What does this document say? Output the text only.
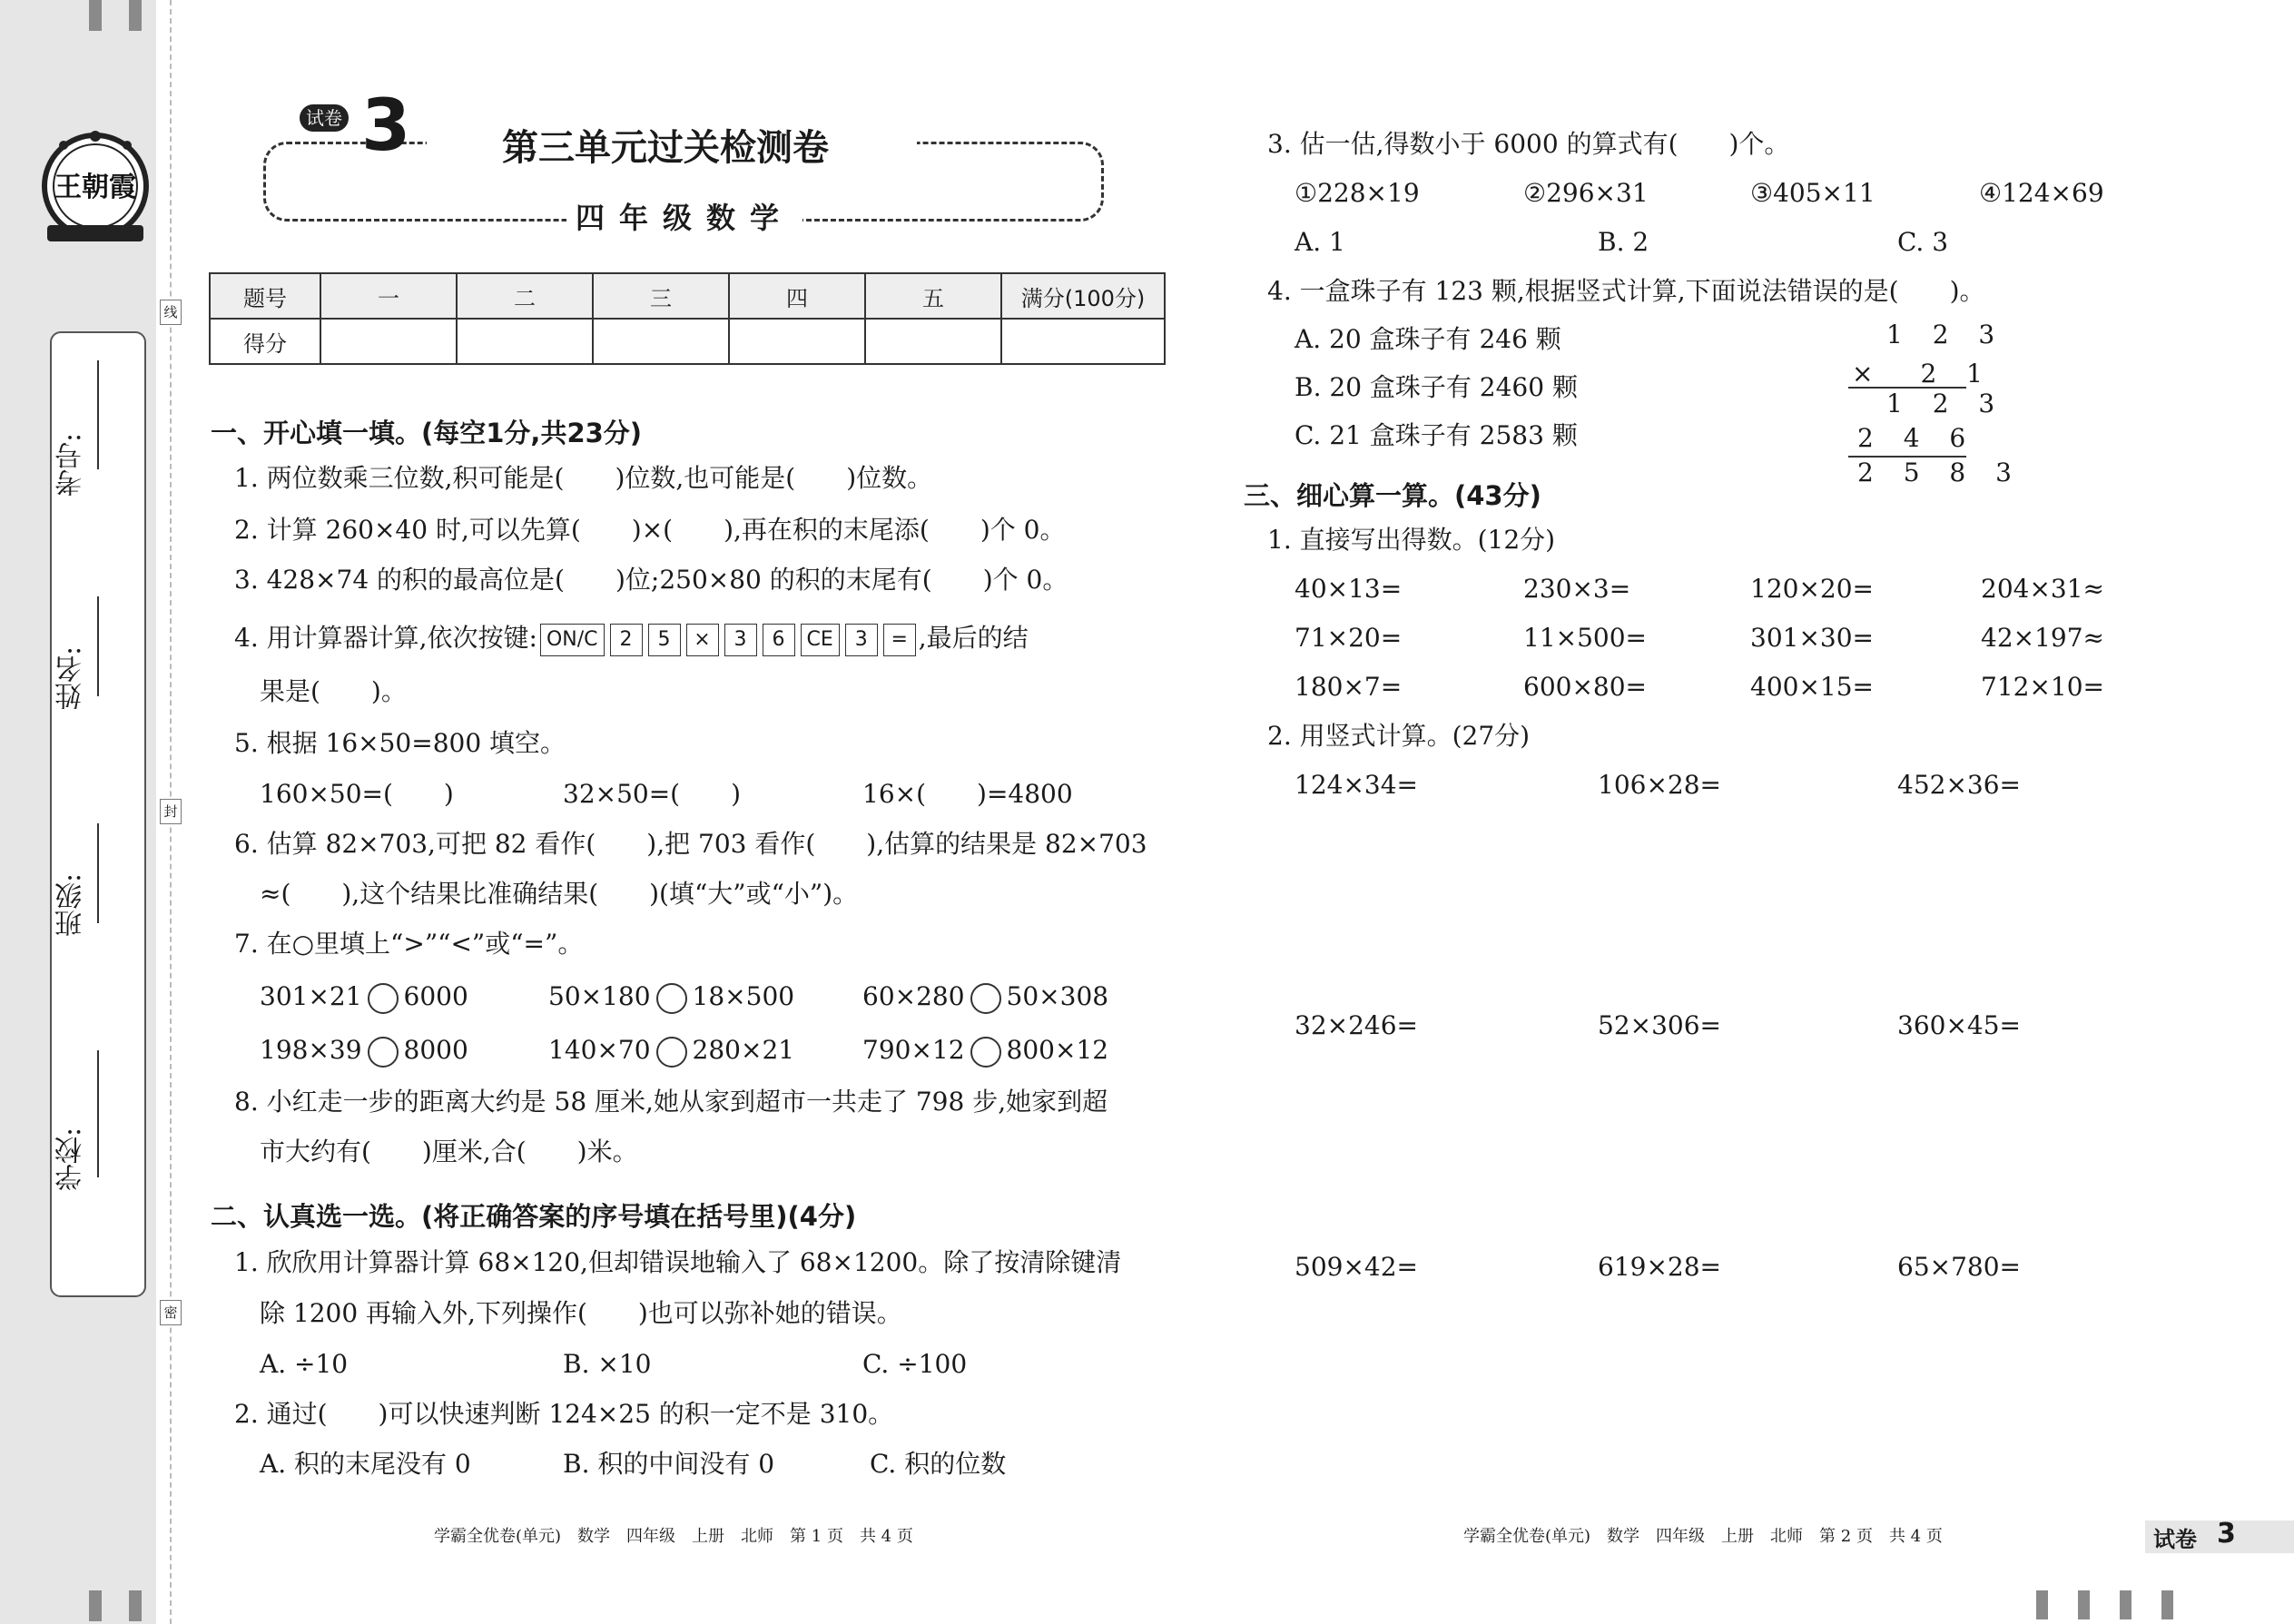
王朝霞
考号:
姓名:
班级:
学校:
线
封
密
试卷 3	第三单元过关检测卷
四年级数学
题号	一	二	三	四	五	满分(100分)
得分						
一、开心填一填。(每空1分,共23分)
1. 两位数乘三位数,积可能是(　　)位数,也可能是(　　)位数。
2. 计算 260×40 时,可以先算(　　)×(　　),再在积的末尾添(　　)个 0。
3. 428×74 的积的最高位是(　　)位;250×80 的积的末尾有(　　)个 0。
4. 用计算器计算,依次按键: ON/C 2 5 × 3 6 CE 3 = ,最后的结
果是(　　)。
5. 根据 16×50=800 填空。
160×50=(　　)	32×50=(　　)	16×(　　)=4800
6. 估算 82×703,可把 82 看作(　　),把 703 看作(　　),估算的结果是 82×703
≈(　　),这个结果比准确结果(　　)(填“大”或“小”)。
7. 在○里填上“>”“<”或“=”。
301×21 6000	50×180 18×500	60×280 50×308
198×39 8000	140×70 280×21	790×12 800×12
8. 小红走一步的距离大约是 58 厘米,她从家到超市一共走了 798 步,她家到超
市大约有(　　)厘米,合(　　)米。
二、认真选一选。(将正确答案的序号填在括号里)(4分)
1. 欣欣用计算器计算 68×120,但却错误地输入了 68×1200。除了按清除键清
除 1200 再输入外,下列操作(　　)也可以弥补她的错误。
A. ÷10	B. ×10	C. ÷100
2. 通过(　　)可以快速判断 124×25 的积一定不是 310。
A. 积的末尾没有 0	B. 积的中间没有 0	C. 积的位数
学霸全优卷(单元)　数学　四年级　上册　北师　第 1 页　共 4 页
3. 估一估,得数小于 6000 的算式有(　　)个。
①228×19	②296×31	③405×11	④124×69
A. 1	B. 2	C. 3
4. 一盒珠子有 123 颗,根据竖式计算,下面说法错误的是(　　)。
A. 20 盒珠子有 246 颗
B. 20 盒珠子有 2460 颗
C. 21 盒珠子有 2583 颗
1 2 3
×　2 1
1 2 3
2 4 6
2 5 8 3
三、细心算一算。(43分)
1. 直接写出得数。(12分)
40×13=	230×3=	120×20=	204×31≈
71×20=	11×500=	301×30=	42×197≈
180×7=	600×80=	400×15=	712×10=
2. 用竖式计算。(27分)
124×34=	106×28=	452×36=
32×246=	52×306=	360×45=
509×42=	619×28=	65×780=
学霸全优卷(单元)　数学　四年级　上册　北师　第 2 页　共 4 页	试卷 3
